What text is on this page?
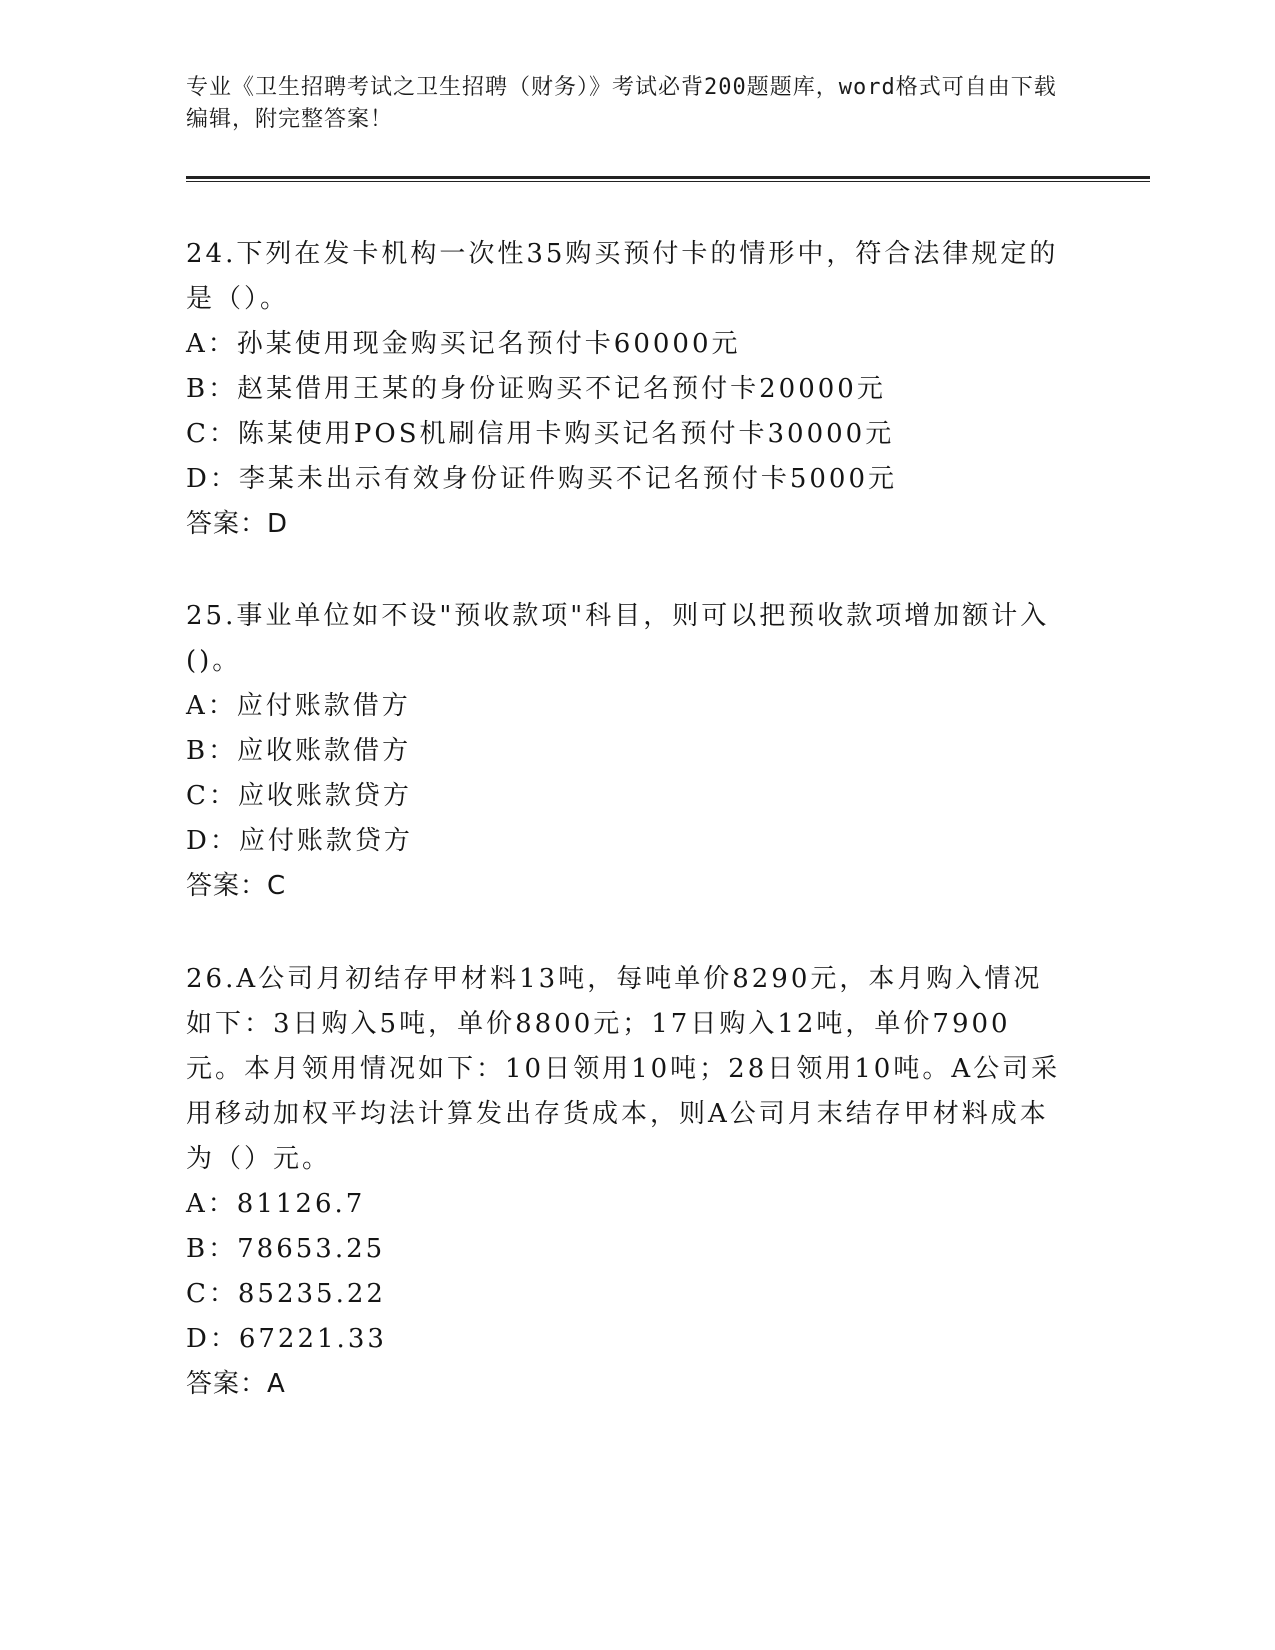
专业《卫生招聘考试之卫生招聘（财务）》考试必背200题题库，word格式可自由下载编辑，附完整答案！

24.下列在发卡机构一次性35购买预付卡的情形中，符合法律规定的是（）。

A：孙某使用现金购买记名预付卡60000元

B：赵某借用王某的身份证购买不记名预付卡20000元

C：陈某使用POS机刷信用卡购买记名预付卡30000元

D：李某未出示有效身份证件购买不记名预付卡5000元

答案：D

25.事业单位如不设"预收款项"科目，则可以把预收款项增加额计入()。

A：应付账款借方

B：应收账款借方

C：应收账款贷方

D：应付账款贷方

答案：C

26.A公司月初结存甲材料13吨，每吨单价8290元，本月购入情况如下：3日购入5吨，单价8800元；17日购入12吨，单价7900元。本月领用情况如下：10日领用10吨；28日领用10吨。A公司采用移动加权平均法计算发出存货成本，则A公司月末结存甲材料成本为（）元。

A：81126.7

B：78653.25

C：85235.22

D：67221.33

答案：A
